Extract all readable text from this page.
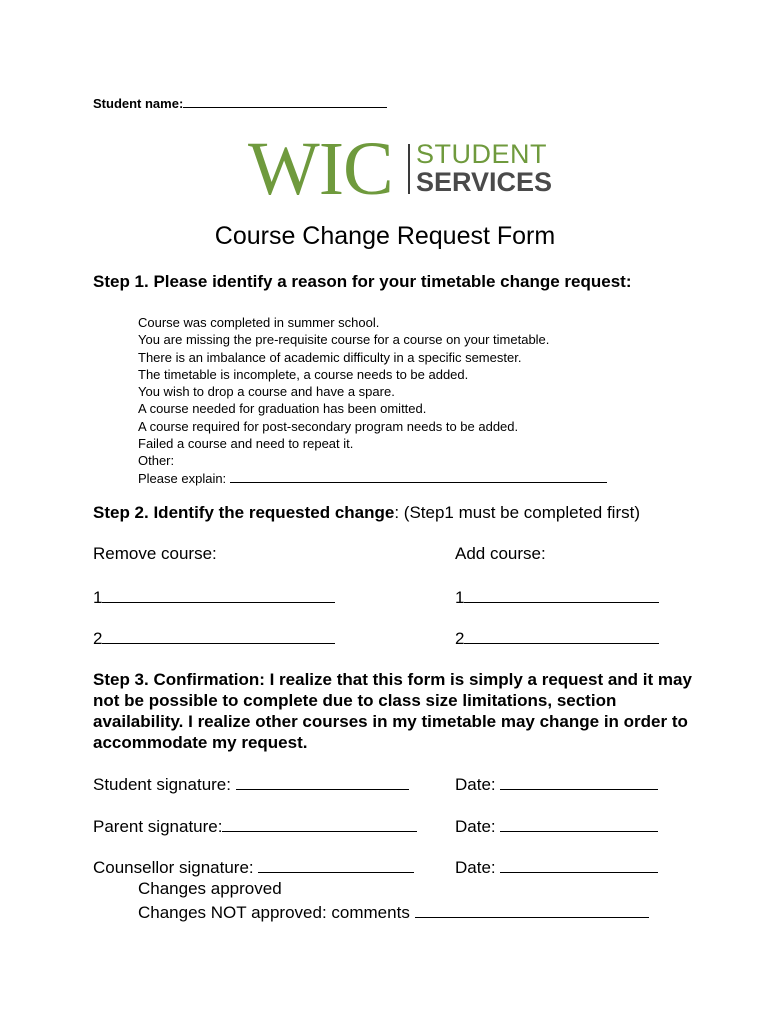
Student name:
WIC STUDENT
SERVICES
Course Change Request Form
Step 1. Please identify a reason for your timetable change request:
Course was completed in summer school.
You are missing the pre-requisite course for a course on your timetable.
There is an imbalance of academic difficulty in a specific semester.
The timetable is incomplete, a course needs to be added.
You wish to drop a course and have a spare.
A course needed for graduation has been omitted.
A course required for post-secondary program needs to be added.
Failed a course and need to repeat it.
Other:
Please explain:
Step 2. Identify the requested change: (Step1 must be completed first)
Remove course:	Add course:
1
2
1
2
Step 3. Confirmation: I realize that this form is simply a request and it may not be possible to complete due to class size limitations, section availability. I realize other courses in my timetable may change in order to accommodate my request.
Student signature:
Parent signature:
Counsellor signature:
Date:
Date:
Date:
Changes approved
Changes NOT approved: comments
